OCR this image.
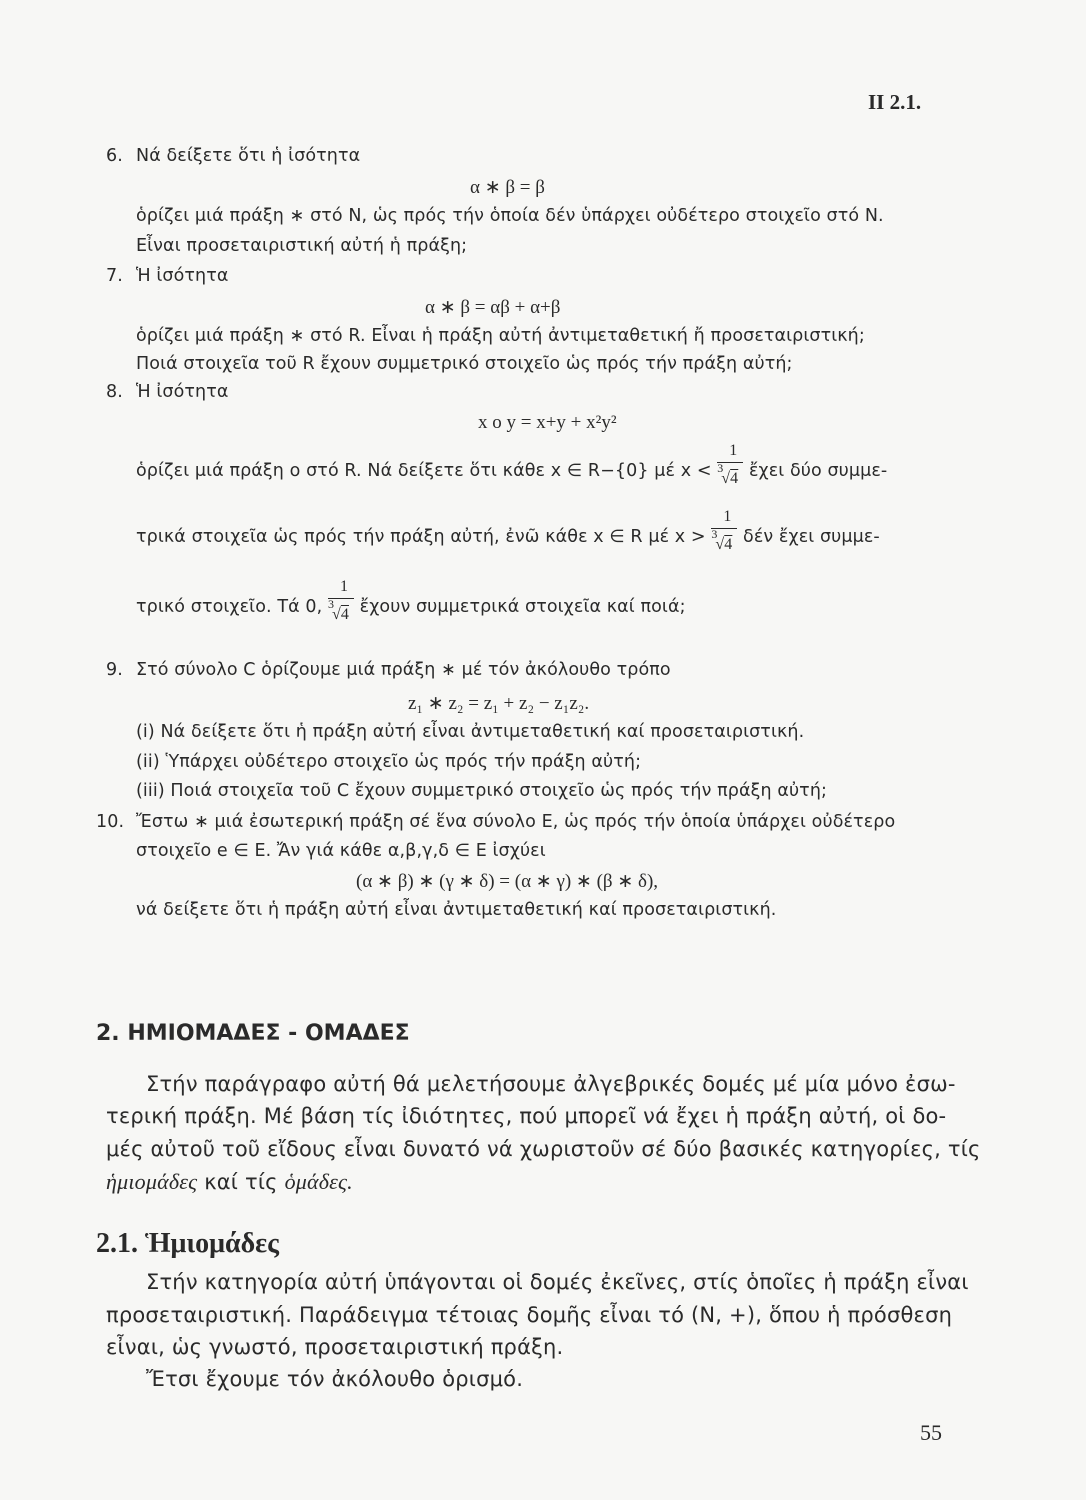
ΙΙ 2.1.
6. Νά δείξετε ὅτι ἡ ἰσότητα
α ∗ β = β
ὁρίζει μιά πράξη ∗ στό N, ὡς πρός τήν ὁποία δέν ὑπάρχει οὐδέτερο στοιχεῖο στό N.
Εἶναι προσεταιριστική αὐτή ἡ πράξη;
7. Ἡ ἰσότητα
α ∗ β = αβ + α+β
ὁρίζει μιά πράξη ∗ στό R. Εἶναι ἡ πράξη αὐτή ἀντιμεταθετική ἤ προσεταιριστική;
Ποιά στοιχεῖα τοῦ R ἔχουν συμμετρικό στοιχεῖο ὡς πρός τήν πράξη αὐτή;
8. Ἡ ἰσότητα
x o y = x+y + x²y²
ὁρίζει μιά πράξη o στό R. Νά δείξετε ὅτι κάθε x ∈ R−{0} μέ x <
1
3
√4 ἔχει δύο συμμε-
τρικά στοιχεῖα ὡς πρός τήν πράξη αὐτή, ἐνῶ κάθε x ∈ R μέ x >
1
3
√4 δέν ἔχει συμμε-
τρικό στοιχεῖο. Τά 0,
1
3
√4 ἔχουν συμμετρικά στοιχεῖα καί ποιά;
9. Στό σύνολο C ὁρίζουμε μιά πράξη ∗ μέ τόν ἀκόλουθο τρόπο
z₁ ∗ z₂ = z₁ + z₂ − z₁z₂.
(i) Νά δείξετε ὅτι ἡ πράξη αὐτή εἶναι ἀντιμεταθετική καί προσεταιριστική.
(ii) Ὑπάρχει οὐδέτερο στοιχεῖο ὡς πρός τήν πράξη αὐτή;
(iii) Ποιά στοιχεῖα τοῦ C ἔχουν συμμετρικό στοιχεῖο ὡς πρός τήν πράξη αὐτή;
10. Ἔστω ∗ μιά ἐσωτερική πράξη σέ ἕνα σύνολο E, ὡς πρός τήν ὁποία ὑπάρχει οὐδέτερο
στοιχεῖο e ∈ E. Ἄν γιά κάθε α,β,γ,δ ∈ E ἰσχύει
(α ∗ β) ∗ (γ ∗ δ) = (α ∗ γ) ∗ (β ∗ δ),
νά δείξετε ὅτι ἡ πράξη αὐτή εἶναι ἀντιμεταθετική καί προσεταιριστική.
2. ΗΜΙΟΜΑΔΕΣ - ΟΜΑΔΕΣ
Στήν παράγραφο αὐτή θά μελετήσουμε ἀλγεβρικές δομές μέ μία μόνο ἐσω-
τερική πράξη. Μέ βάση τίς ἰδιότητες, πού μπορεῖ νά ἔχει ἡ πράξη αὐτή, οἱ δο-
μές αὐτοῦ τοῦ εἴδους εἶναι δυνατό νά χωριστοῦν σέ δύο βασικές κατηγορίες, τίς
ἡμιομάδες καί τίς ὁμάδες.
2.1. Ἡμιομάδες
Στήν κατηγορία αὐτή ὑπάγονται οἱ δομές ἐκεῖνες, στίς ὁποῖες ἡ πράξη εἶναι
προσεταιριστική. Παράδειγμα τέτοιας δομῆς εἶναι τό (N, +), ὅπου ἡ πρόσθεση
εἶναι, ὡς γνωστό, προσεταιριστική πράξη.
Ἔτσι ἔχουμε τόν ἀκόλουθο ὁρισμό.
55
